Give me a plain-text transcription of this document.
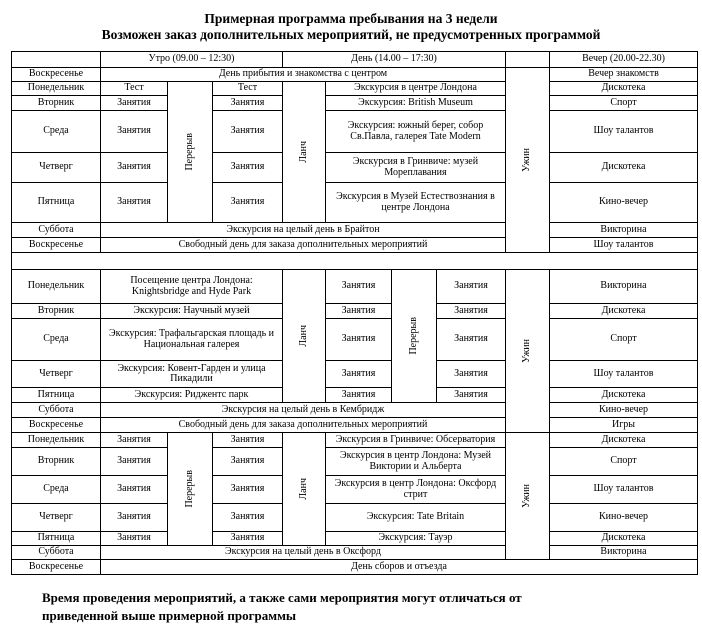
Примерная программа пребывания на 3 недели
Возможен заказ дополнительных мероприятий, не предусмотренных программой
Утро (09.00 – 12:30)	День (14.00 – 17:30)	Вечер (20.00-22.30)
Воскресенье	День прибытия и знакомства с центром	Вечер знакомств
Понедельник	Тест	Тест	Экскурсия в центре Лондона	Дискотека
Вторник	Занятия	Занятия	Экскурсия: British Museum	Спорт
Среда	Занятия	Занятия	Экскурсия: южный берег, собор Св.Павла, галерея Tate Modern	Шоу талантов
Четверг	Занятия	Занятия	Экскурсия в Гринвиче: музей Мореплавания	Дискотека
Пятница	Занятия	Занятия	Экскурсия в Музей Естествознания в центре Лондона	Кино-вечер
Суббота	Экскурсия на целый день в Брайтон	Викторина
Воскресенье	Свободный день для заказа дополнительных мероприятий	Шоу талантов
Перерыв	Ланч	Ужин
Понедельник	Посещение центра Лондона: Knightsbridge and Hyde Park	Занятия	Занятия	Викторина
Вторник	Экскурсия: Научный музей	Занятия	Занятия	Дискотека
Среда	Экскурсия: Трафальгарская площадь и Национальная галерея	Занятия	Занятия	Спорт
Четверг	Экскурсия: Ковент-Гарден и улица Пикадили	Занятия	Занятия	Шоу талантов
Пятница	Экскурсия: Риджентс парк	Занятия	Занятия	Дискотека
Суббота	Экскурсия на целый день в Кембридж	Кино-вечер
Воскресенье	Свободный день для заказа дополнительных мероприятий	Игры
Ланч	Перерыв	Ужин
Понедельник	Занятия	Занятия	Экскурсия в Гринвиче: Обсерватория	Дискотека
Вторник	Занятия	Занятия	Экскурсия в центр Лондона: Музей Виктории и Альберта	Спорт
Среда	Занятия	Занятия	Экскурсия в центр Лондона: Оксфорд стрит	Шоу талантов
Четверг	Занятия	Занятия	Экскурсия: Tate Britain	Кино-вечер
Пятница	Занятия	Занятия	Экскурсия: Тауэр	Дискотека
Суббота	Экскурсия на целый день в Оксфорд	Викторина
Воскресенье	День сборов и отъезда
Перерыв	Ланч	Ужин
Время проведения мероприятий, а также сами мероприятия могут отличаться от
приведенной выше примерной программы
